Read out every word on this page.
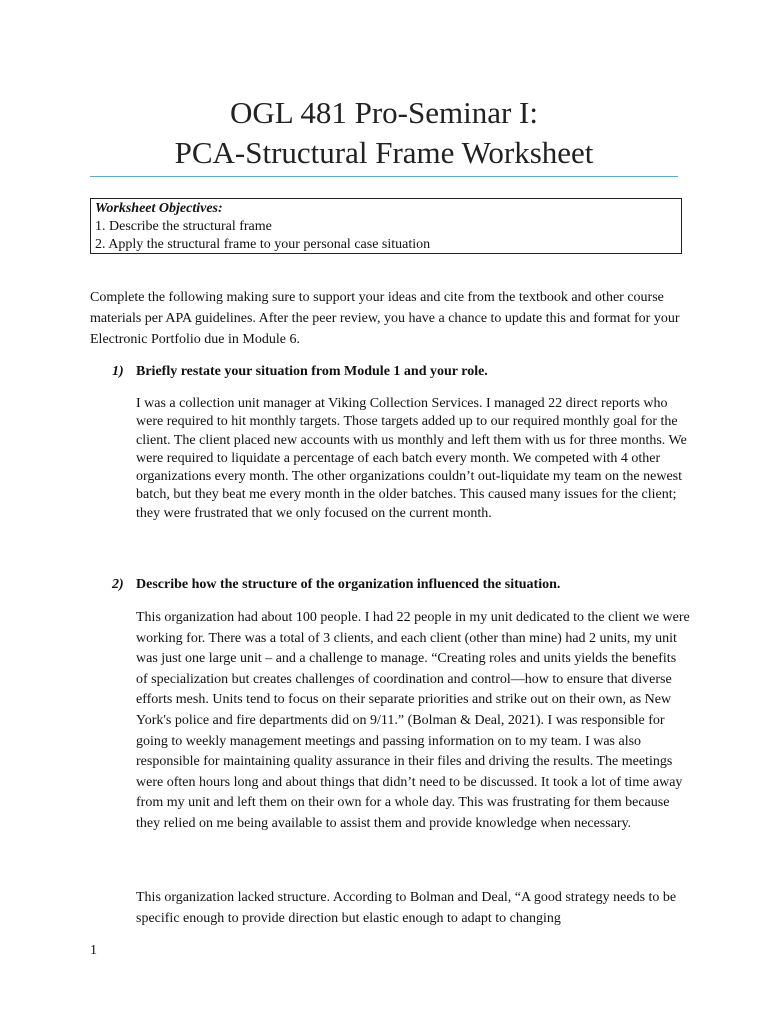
OGL 481 Pro-Seminar I:
PCA-Structural Frame Worksheet
Worksheet Objectives:
1. Describe the structural frame
2. Apply the structural frame to your personal case situation
Complete the following making sure to support your ideas and cite from the textbook and other course materials per APA guidelines. After the peer review, you have a chance to update this and format for your Electronic Portfolio due in Module 6.
1) Briefly restate your situation from Module 1 and your role.
I was a collection unit manager at Viking Collection Services. I managed 22 direct reports who were required to hit monthly targets. Those targets added up to our required monthly goal for the client. The client placed new accounts with us monthly and left them with us for three months. We were required to liquidate a percentage of each batch every month. We competed with 4 other organizations every month. The other organizations couldn’t out-liquidate my team on the newest batch, but they beat me every month in the older batches. This caused many issues for the client; they were frustrated that we only focused on the current month.
2) Describe how the structure of the organization influenced the situation.
This organization had about 100 people. I had 22 people in my unit dedicated to the client we were working for. There was a total of 3 clients, and each client (other than mine) had 2 units, my unit was just one large unit – and a challenge to manage. “Creating roles and units yields the benefits of specialization but creates challenges of coordination and control—how to ensure that diverse efforts mesh. Units tend to focus on their separate priorities and strike out on their own, as New York's police and fire departments did on 9/11.” (Bolman & Deal, 2021). I was responsible for going to weekly management meetings and passing information on to my team. I was also responsible for maintaining quality assurance in their files and driving the results. The meetings were often hours long and about things that didn’t need to be discussed. It took a lot of time away from my unit and left them on their own for a whole day. This was frustrating for them because they relied on me being available to assist them and provide knowledge when necessary.
This organization lacked structure. According to Bolman and Deal, “A good strategy needs to be specific enough to provide direction but elastic enough to adapt to changing
1
